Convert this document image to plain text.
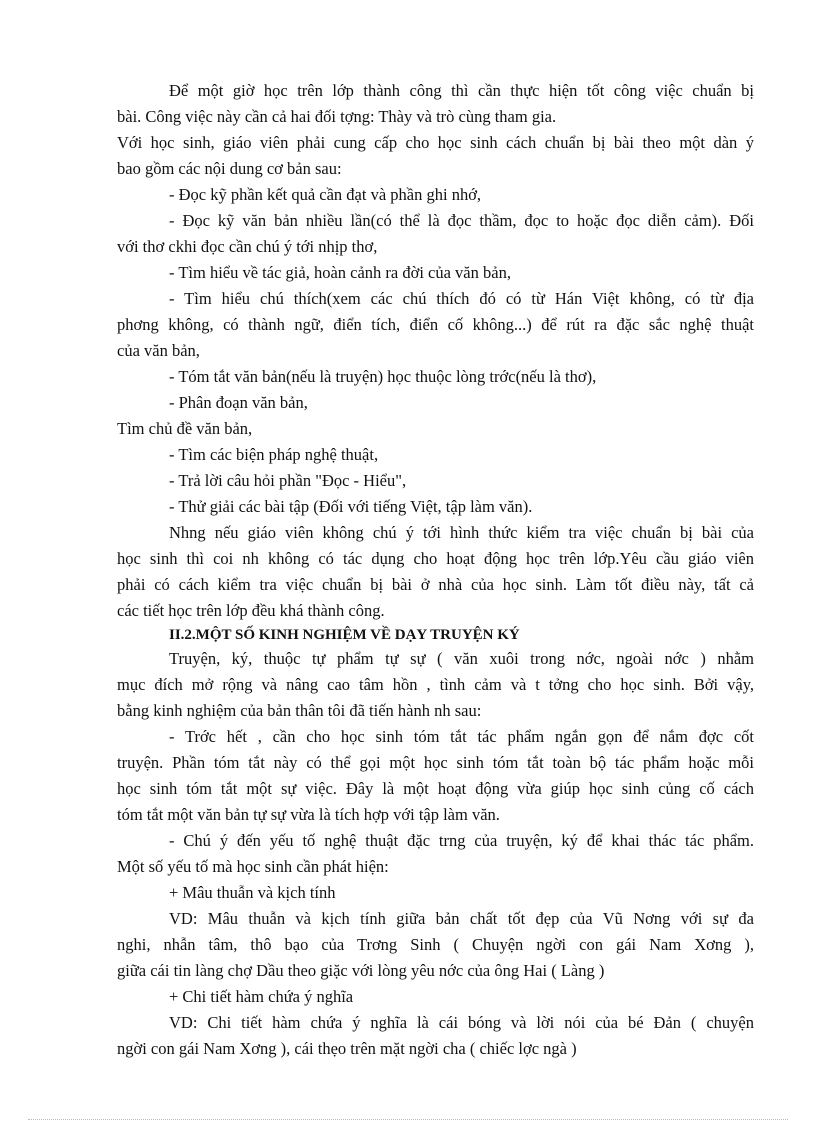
Để một giờ học trên lớp thành công thì cần thực hiện tốt công việc chuẩn bị
bài. Công việc này cần cả hai đối tợng: Thày và trò cùng tham gia.
Với học sinh, giáo viên phải cung cấp cho học sinh cách chuẩn bị bài theo một dàn ý
bao gồm các nội dung cơ bản sau:
- Đọc kỹ phần kết quả cần đạt và phần ghi nhớ,
- Đọc kỹ văn bản nhiều lần(có thể là đọc thầm, đọc to hoặc đọc diễn cảm). Đối
với thơ ckhi đọc cần chú ý tới nhịp thơ,
- Tìm hiểu về tác giả, hoàn cảnh ra đời của văn bản,
- Tìm hiểu chú thích(xem các chú thích đó có từ Hán Việt không, có từ địa
phơng không, có thành ngữ, điển tích, điển cố không...) để rút ra đặc sắc nghệ thuật
của văn bản,
- Tóm tắt văn bản(nếu là truyện) học thuộc lòng trớc(nếu là thơ),
- Phân đoạn văn bản,
Tìm chủ đề văn bản,
- Tìm các biện pháp nghệ thuật,
- Trả lời câu hỏi phần "Đọc - Hiểu",
- Thử giải các bài tập (Đối với tiếng Việt, tập làm văn).
Nhng nếu giáo viên không chú ý tới hình thức kiểm tra việc chuẩn bị bài của
học sinh thì coi nh không có tác dụng cho hoạt động học trên lớp.Yêu cầu giáo viên
phải có cách kiểm tra việc chuẩn bị bài ở nhà của học sinh. Làm tốt điều này, tất cả
các tiết học trên lớp đều khá thành công.
II.2.MỘT SỐ KINH NGHIỆM VỀ DẠY TRUYỆN KÝ
Truyện, ký, thuộc tự phẩm tự sự ( văn xuôi trong nớc, ngoài nớc ) nhằm
mục đích mở rộng và nâng cao tâm hồn , tình cảm và t tởng cho học sinh. Bởi vậy,
bằng kinh nghiệm của bản thân tôi đã tiến hành nh sau:
- Trớc hết , cần cho học sinh tóm tắt tác phẩm ngắn gọn để nắm đợc cốt
truyện. Phần tóm tắt này có thể gọi một học sinh tóm tắt toàn bộ tác phẩm hoặc mỗi
học sinh tóm tắt một sự việc. Đây là một hoạt động vừa giúp học sinh củng cố cách
tóm tắt một văn bản tự sự vừa là tích hợp với tập làm văn.
- Chú ý đến yếu tố nghệ thuật đặc trng của truyện, ký để khai thác tác phẩm.
Một số yếu tố mà học sinh cần phát hiện:
+ Mâu thuẫn và kịch tính
VD: Mâu thuẫn và kịch tính giữa bản chất tốt đẹp của Vũ Nơng với sự đa
nghi, nhẫn tâm, thô bạo của Trơng Sinh ( Chuyện ngời con gái Nam Xơng ),
giữa cái tin làng chợ Dầu theo giặc với lòng yêu nớc của ông Hai ( Làng )
+ Chi tiết hàm chứa ý nghĩa
VD: Chi tiết hàm chứa ý nghĩa là cái bóng và lời nói của bé Đản ( chuyện
ngời con gái Nam Xơng ), cái thẹo trên mặt ngời cha ( chiếc lợc ngà )
